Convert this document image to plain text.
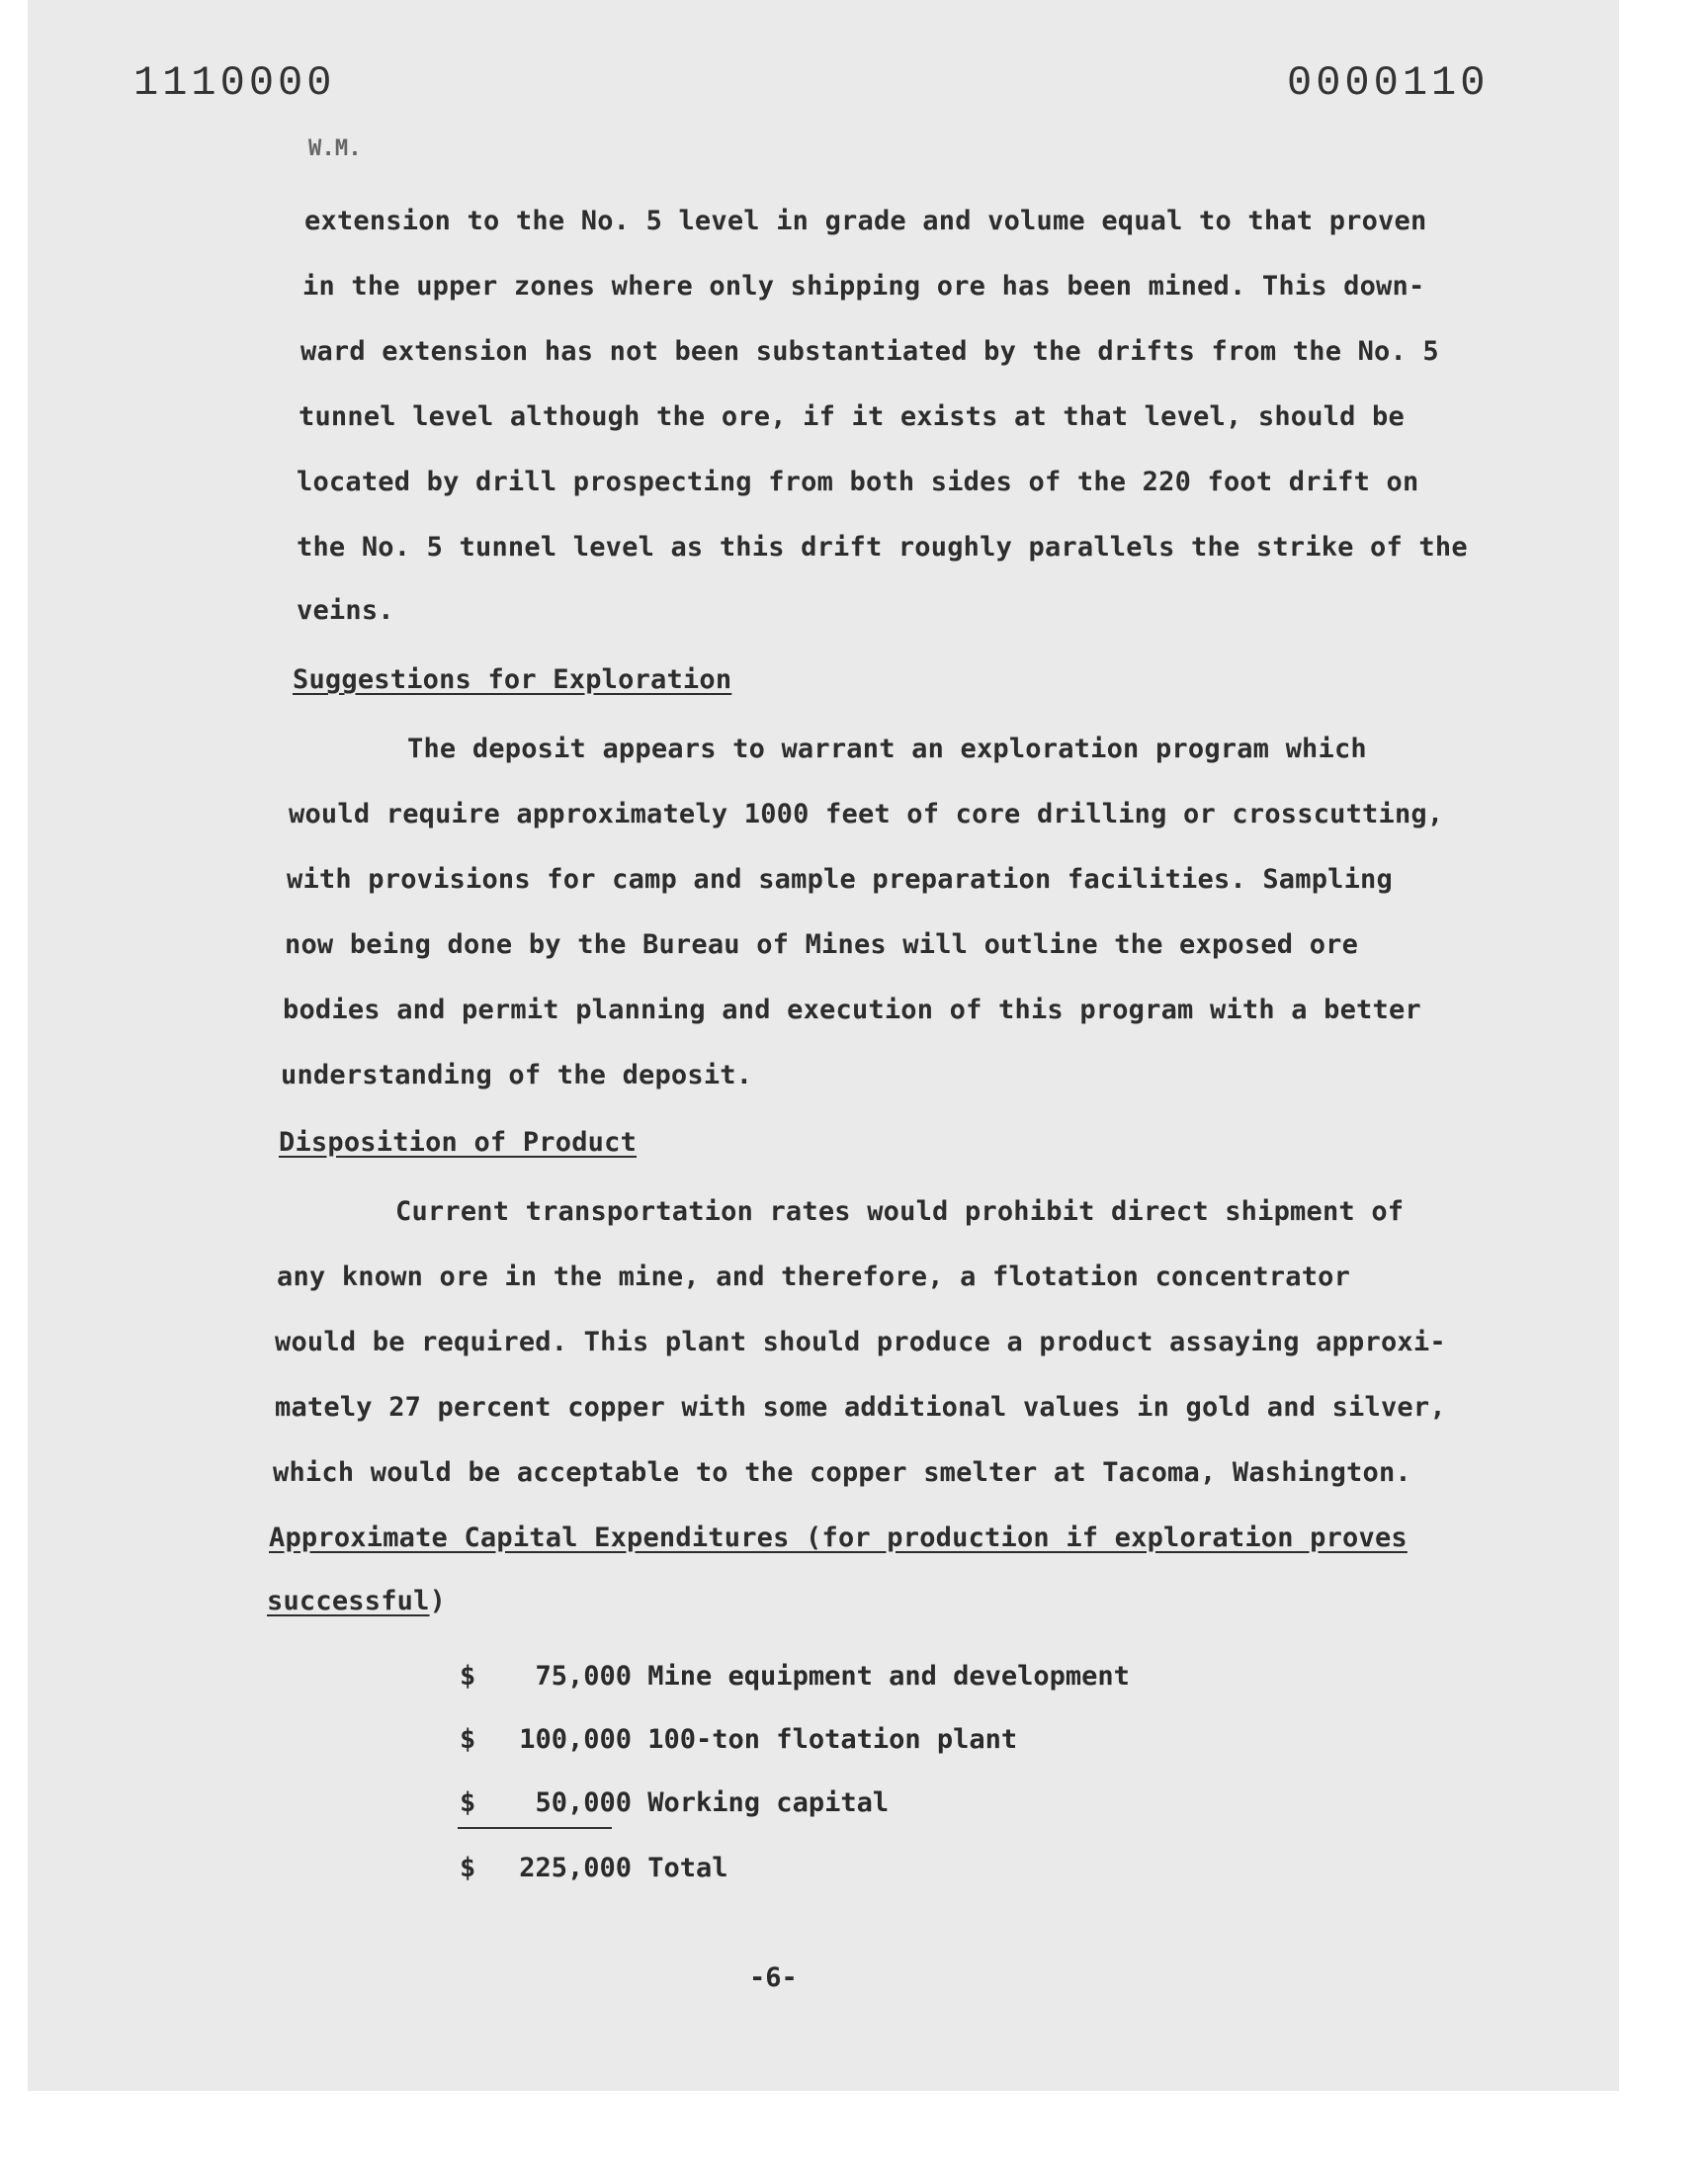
1110000	0000110
W.M.
extension to the No. 5 level in grade and volume equal to that proven
in the upper zones where only shipping ore has been mined. This down-
ward extension has not been substantiated by the drifts from the No. 5
tunnel level although the ore, if it exists at that level, should be
located by drill prospecting from both sides of the 220 foot drift on
the No. 5 tunnel level as this drift roughly parallels the strike of the
veins.
Suggestions for Exploration
The deposit appears to warrant an exploration program which
would require approximately 1000 feet of core drilling or crosscutting,
with provisions for camp and sample preparation facilities. Sampling
now being done by the Bureau of Mines will outline the exposed ore
bodies and permit planning and execution of this program with a better
understanding of the deposit.
Disposition of Product
Current transportation rates would prohibit direct shipment of
any known ore in the mine, and therefore, a flotation concentrator
would be required. This plant should produce a product assaying approxi-
mately 27 percent copper with some additional values in gold and silver,
which would be acceptable to the copper smelter at Tacoma, Washington.
Approximate Capital Expenditures (for production if exploration proves
successful)
$ 75,000 Mine equipment and development
$ 100,000 100-ton flotation plant
$ 50,000 Working capital
$ 225,000 Total
-6-
